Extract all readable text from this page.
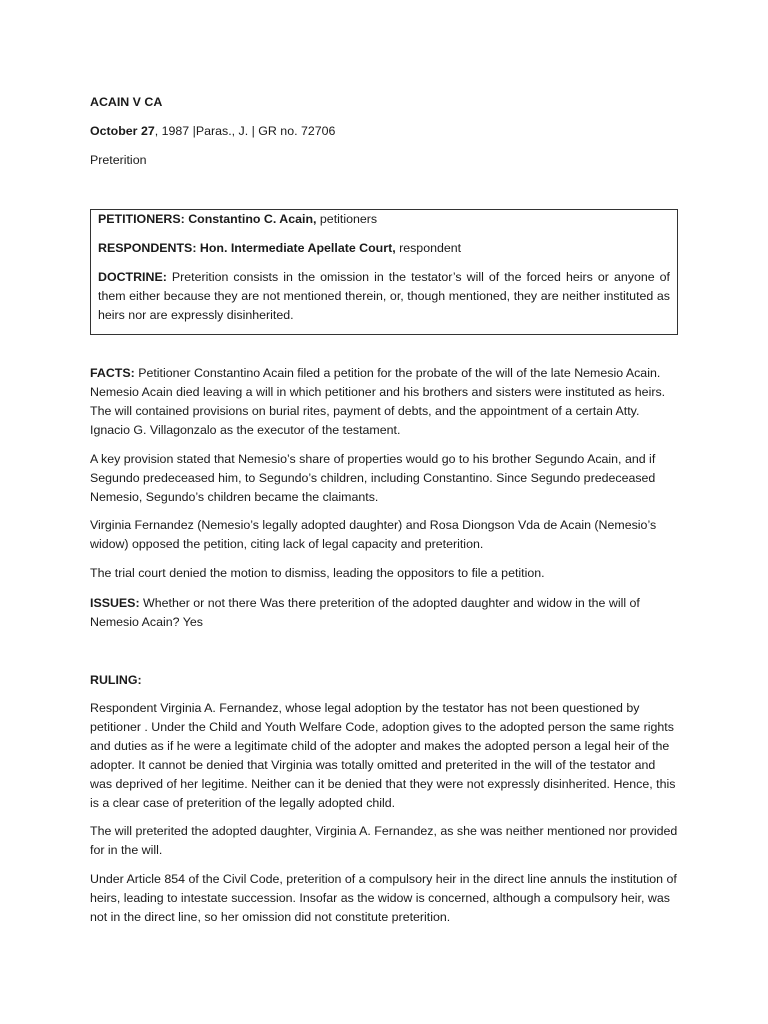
ACAIN V CA

October 27, 1987 |Paras., J. | GR no. 72706

Preterition

PETITIONERS: Constantino C. Acain, petitioners

RESPONDENTS: Hon. Intermediate Apellate Court, respondent

DOCTRINE: Preterition consists in the omission in the testator’s will of the forced heirs or anyone of them either because they are not mentioned therein, or, though mentioned, they are neither instituted as heirs nor are expressly disinherited.

FACTS: Petitioner Constantino Acain filed a petition for the probate of the will of the late Nemesio Acain. Nemesio Acain died leaving a will in which petitioner and his brothers and sisters were instituted as heirs. The will contained provisions on burial rites, payment of debts, and the appointment of a certain Atty. Ignacio G. Villagonzalo as the executor of the testament.

A key provision stated that Nemesio’s share of properties would go to his brother Segundo Acain, and if Segundo predeceased him, to Segundo’s children, including Constantino. Since Segundo predeceased Nemesio, Segundo’s children became the claimants.

Virginia Fernandez (Nemesio’s legally adopted daughter) and Rosa Diongson Vda de Acain (Nemesio’s widow) opposed the petition, citing lack of legal capacity and preterition.

The trial court denied the motion to dismiss, leading the oppositors to file a petition.

ISSUES: Whether or not there Was there preterition of the adopted daughter and widow in the will of Nemesio Acain? Yes

RULING:

Respondent Virginia A. Fernandez, whose legal adoption by the testator has not been questioned by petitioner . Under the Child and Youth Welfare Code, adoption gives to the adopted person the same rights and duties as if he were a legitimate child of the adopter and makes the adopted person a legal heir of the adopter. It cannot be denied that Virginia was totally omitted and preterited in the will of the testator and was deprived of her legitime. Neither can it be denied that they were not expressly disinherited. Hence, this is a clear case of preterition of the legally adopted child.

The will preterited the adopted daughter, Virginia A. Fernandez, as she was neither mentioned nor provided for in the will.

Under Article 854 of the Civil Code, preterition of a compulsory heir in the direct line annuls the institution of heirs, leading to intestate succession. Insofar as the widow is concerned, although a compulsory heir, was not in the direct line, so her omission did not constitute preterition.
